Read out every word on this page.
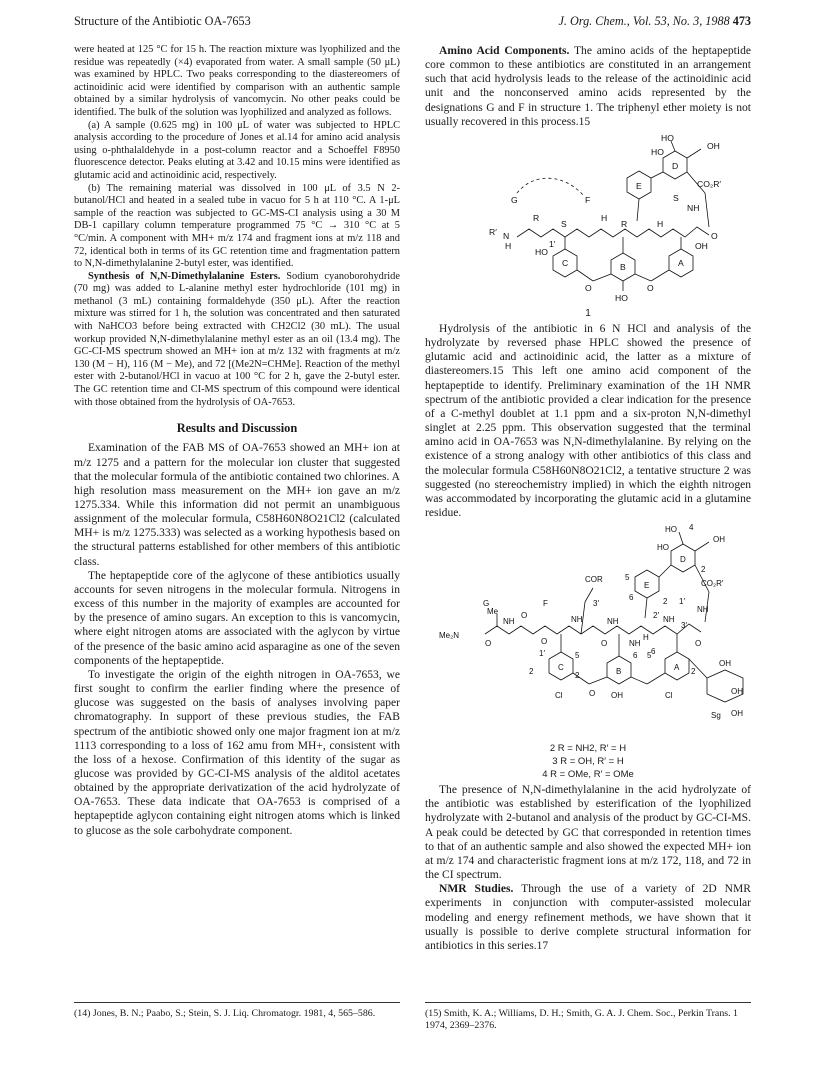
Structure of the Antibiotic OA-7653	J. Org. Chem., Vol. 53, No. 3, 1988 473

were heated at 125 °C for 15 h. The reaction mixture was lyophilized and the residue was repeatedly (×4) evaporated from water. A small sample (50 μL) was examined by HPLC. Two peaks corresponding to the diastereomers of actinoidinic acid were identified by comparison with an authentic sample obtained by a similar hydrolysis of vancomycin. No other peaks could be identified. The bulk of the solution was lyophilized and analyzed as follows.

(a) A sample (0.625 mg) in 100 μL of water was subjected to HPLC analysis according to the procedure of Jones et al.14 for amino acid analysis using o-phthalaldehyde in a post-column reactor and a Schoeffel F8950 fluorescence detector. Peaks eluting at 3.42 and 10.15 mins were identified as glutamic acid and actinoidinic acid, respectively.

(b) The remaining material was dissolved in 100 μL of 3.5 N 2-butanol/HCl and heated in a sealed tube in vacuo for 5 h at 110 °C. A 1-μL sample of the reaction was subjected to GC-MS-CI analysis using a 30 M DB-1 capillary column temperature programmed 75 °C → 310 °C at 5 °C/min. A component with MH+ m/z 174 and fragment ions at m/z 118 and 72, identical both in terms of its GC retention time and fragmentation pattern to N,N-dimethylalanine 2-butyl ester, was identified.

Synthesis of N,N-Dimethylalanine Esters. Sodium cyanoborohydride (70 mg) was added to L-alanine methyl ester hydrochloride (101 mg) in methanol (3 mL) containing formaldehyde (350 μL). After the reaction mixture was stirred for 1 h, the solution was concentrated and then saturated with NaHCO3 before being extracted with CH2Cl2 (30 mL). The usual workup provided N,N-dimethylalanine methyl ester as an oil (13.4 mg). The GC-CI-MS spectrum showed an MH+ ion at m/z 132 with fragments at m/z 130 (M − H), 116 (M − Me), and 72 [(Me2N=CHMe]. Reaction of the methyl ester with 2-butanol/HCl in vacuo at 100 °C for 2 h, gave the 2-butyl ester. The GC retention time and CI-MS spectrum of this compound were identical with those obtained from the hydrolysis of OA-7653.

Results and Discussion

Examination of the FAB MS of OA-7653 showed an MH+ ion at m/z 1275 and a pattern for the molecular ion cluster that suggested that the molecular formula of the antibiotic contained two chlorines. A high resolution mass measurement on the MH+ ion gave an m/z 1275.334. While this information did not permit an unambiguous assignment of the molecular formula, C58H60N8O21Cl2 (calculated MH+ is m/z 1275.333) was selected as a working hypothesis based on the structural patterns established for other members of this antibiotic class.

The heptapeptide core of the aglycone of these antibiotics usually accounts for seven nitrogens in the molecular formula. Nitrogens in excess of this number in the majority of examples are accounted for by the presence of amino sugars. An exception to this is vancomycin, where eight nitrogen atoms are associated with the aglycon by virtue of the presence of the basic amino acid asparagine as one of the seven components of the heptapeptide.

To investigate the origin of the eighth nitrogen in OA-7653, we first sought to confirm the earlier finding where the presence of glucose was suggested on the basis of analyses involving paper chromatography. In support of these previous studies, the FAB spectrum of the antibiotic showed only one major fragment ion at m/z 1113 corresponding to a loss of 162 amu from MH+, consistent with the loss of a hexose. Confirmation of this identity of the sugar as glucose was provided by GC-CI-MS analysis of the alditol acetates obtained by the appropriate derivatization of the acid hydrolyzate of OA-7653. These data indicate that OA-7653 is comprised of a heptapeptide aglycon containing eight nitrogen atoms which is linked to glucose as the sole carbohydrate component.

Amino Acid Components. The amino acids of the heptapeptide core common to these antibiotics are constituted in an arrangement such that acid hydrolysis leads to the release of the actinoidinic acid unit and the nonconserved amino acids represented by the designations G and F in structure 1. The triphenyl ether moiety is not usually recovered in this process.15

HO
OH
HO
D
E	CO₂R′
S
NH
G	F
R′ N
H
R
S
H
R	H
O
HO
1′
C	B	A
OH
O	O
HO
1

Hydrolysis of the antibiotic in 6 N HCl and analysis of the hydrolyzate by reversed phase HPLC showed the presence of glutamic acid and actinoidinic acid, the latter as a mixture of diastereomers.15 This left one amino acid component of the heptapeptide to identify. Preliminary examination of the 1H NMR spectrum of the antibiotic provided a clear indication for the presence of a C-methyl doublet at 1.1 ppm and a six-proton N,N-dimethyl singlet at 2.25 ppm. This observation suggested that the terminal amino acid in OA-7653 was N,N-dimethylalanine. By relying on the existence of a strong analogy with other antibiotics of this class and the molecular formula C58H60N8O21Cl2, a tentative structure 2 was suggested (no stereochemistry implied) in which the eighth nitrogen was accommodated by incorporating the glutamic acid in a glutamine residue.

HO 4
OH
HO
D
2
COR
G	F	3′
5
E	CO₂R′
Me
6	2 1′
NH
NH	NH
O	NH
O
NH
Me₂N
O
2′
O	NH
H
3′
6
1′
O
5
2
6 5
C	B	A
2
OH
2
O
Cl	Cl
Sg OH
OH
OH
2 R = NH2, R′ = H
3 R = OH, R′ = H
4 R = OMe, R′ = OMe

The presence of N,N-dimethylalanine in the acid hydrolyzate of the antibiotic was established by esterification of the lyophilized hydrolyzate with 2-butanol and analysis of the product by GC-CI-MS. A peak could be detected by GC that corresponded in retention times to that of an authentic sample and also showed the expected MH+ ion at m/z 174 and characteristic fragment ions at m/z 172, 118, and 72 in the CI spectrum.

NMR Studies. Through the use of a variety of 2D NMR experiments in conjunction with computer-assisted molecular modeling and energy refinement methods, we have shown that it usually is possible to derive complete structural information for antibiotics in this series.17

(14) Jones, B. N.; Paabo, S.; Stein, S. J. Liq. Chromatogr. 1981, 4, 565–586.	(15) Smith, K. A.; Williams, D. H.; Smith, G. A. J. Chem. Soc., Perkin Trans. 1 1974, 2369–2376.
